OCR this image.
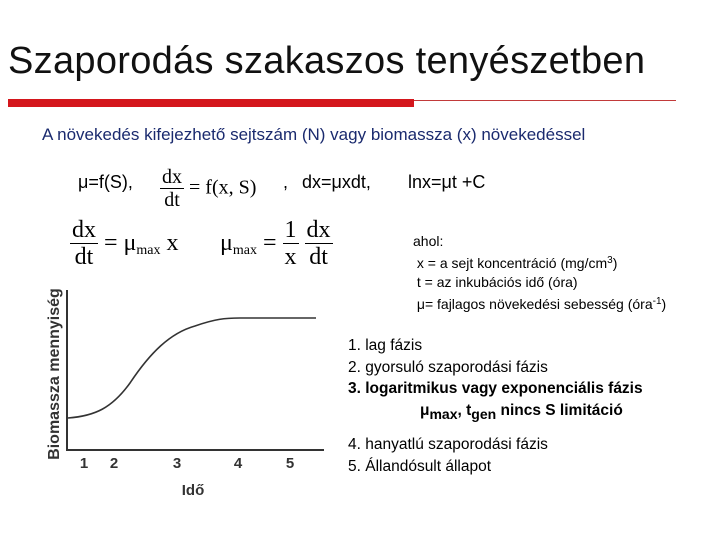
Szaporodás szakaszos tenyészetben
A növekedés kifejezhető sejtszám (N) vagy biomassza (x) növekedéssel
μ=f(S), $\frac{dx}{dt} = f(x$, S) , dx=μxdt, lnx=μt +C
$\frac{dx}{dt} = \mu_{max}$ x $\mu_{max} = \frac{1}{x}$
$\frac{dx}{dt}$	ahol:
x = a sejt koncentráció $(mg/cm^3)$
t = az inkubációs idő (óra)
μ= fajlagos növekedési sebesség (óra$^{-1}$)
1. lag fázis
2. gyorsuló szaporodási fázis
3. logaritmikus vagy exponenciális fázis
μmax, tgen nincs S limitáció
4. hanyatlú szaporodási fázis
5. Állandósult állapot
Biomassza mennyiség
1 2	3	4	5
Idő
